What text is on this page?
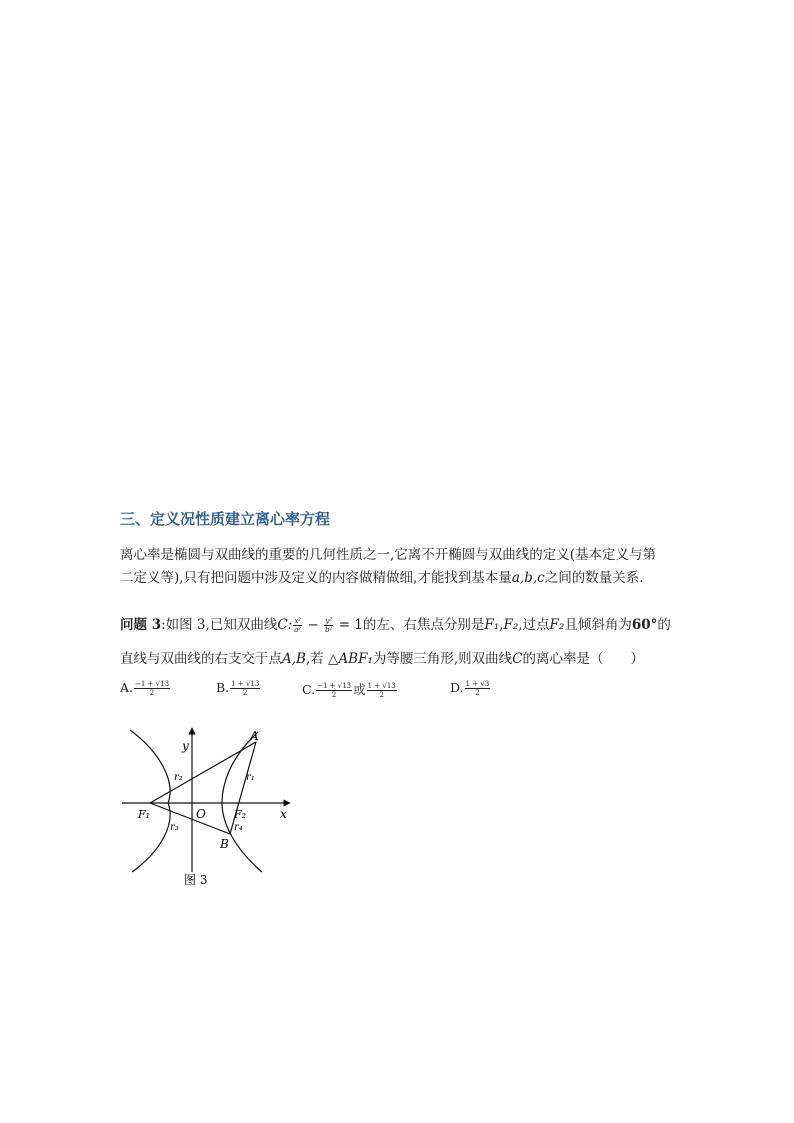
三、定义况性质建立离心率方程
离心率是椭圆与双曲线的重要的几何性质之一,它离不开椭圆与双曲线的定义(基本定义与第
二定义等),只有把问题中涉及定义的内容做精做细,才能找到基本量a,b,c之间的数量关系.
问题 3:如图 3,已知双曲线C: $\frac{\text{x²}}{\text{a²}} - \frac{\text{y²}}{\text{b²}} = 1$的左、右焦点分别是F₁,F₂,过点F₂且倾斜角为60°的
直线与双曲线的右支交于点A,B,若 △ABF₁为等腰三角形,则双曲线C的离心率是（　　）
A. $\frac{-1 + √13}{2}$	B. $\frac{1 + √13}{2}$	C. $\frac{-1 + √13}{2}$ 或 $\frac{1 + √13}{2}$	D. $\frac{1 + √3}{2}$
y
x
A
B
O
F₁	F₂
r₁
r₂
r₃	r₄
图 3
